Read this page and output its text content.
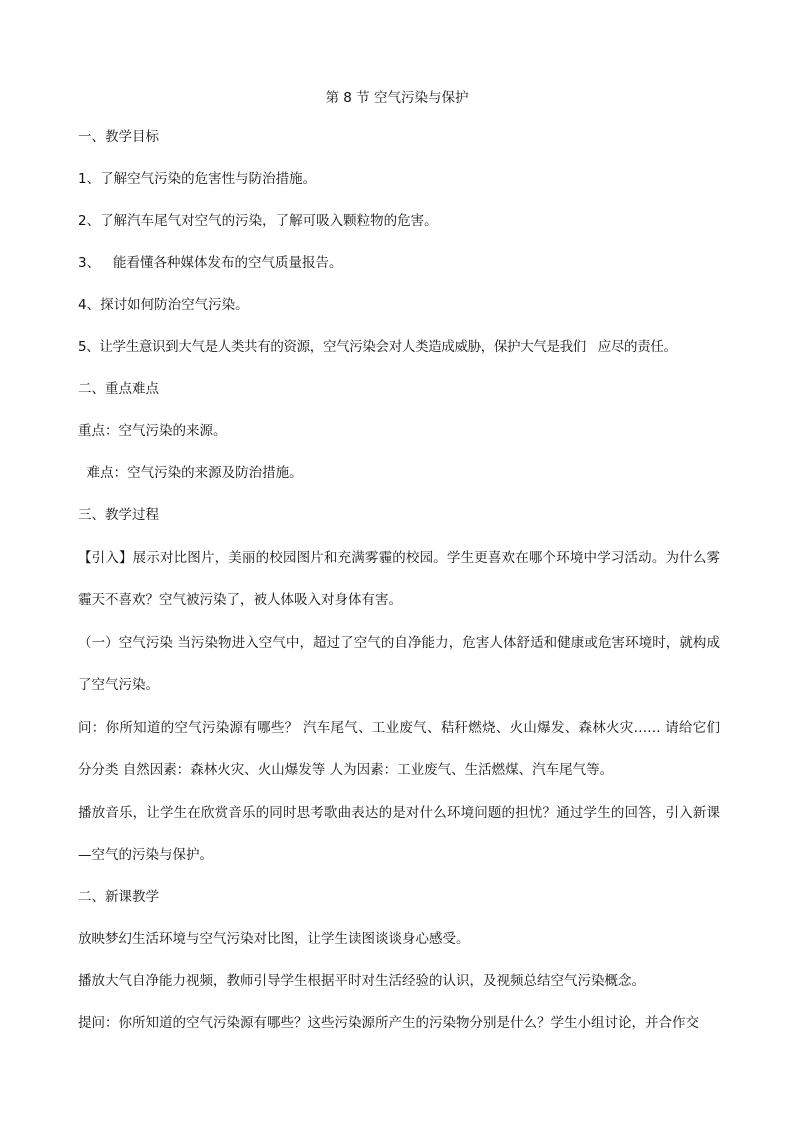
第 8 节 空气污染与保护

一、教学目标

1、了解空气污染的危害性与防治措施。

2、了解汽车尾气对空气的污染，了解可吸入颗粒物的危害。

3、   能看懂各种媒体发布的空气质量报告。

4、探讨如何防治空气污染。

5、让学生意识到大气是人类共有的资源，空气污染会对人类造成威胁，保护大气是我们   应尽的责任。

二、重点难点

重点：空气污染的来源。

难点：空气污染的来源及防治措施。

三、教学过程

【引入】展示对比图片，美丽的校园图片和充满雾霾的校园。学生更喜欢在哪个环境中学习活动。为什么雾霾天不喜欢？空气被污染了，被人体吸入对身体有害。

（一）空气污染 当污染物进入空气中，超过了空气的自净能力，危害人体舒适和健康或危害环境时，就构成了空气污染。

问：你所知道的空气污染源有哪些？ 汽车尾气、工业废气、秸秆燃烧、火山爆发、森林火灾…… 请给它们分分类 自然因素：森林火灾、火山爆发等 人为因素：工业废气、生活燃煤、汽车尾气等。

播放音乐，让学生在欣赏音乐的同时思考歌曲表达的是对什么环境问题的担忧？通过学生的回答，引入新课—空气的污染与保护。

二、新课教学

放映梦幻生活环境与空气污染对比图，让学生读图谈谈身心感受。

播放大气自净能力视频，教师引导学生根据平时对生活经验的认识，及视频总结空气污染概念。

提问：你所知道的空气污染源有哪些？这些污染源所产生的污染物分别是什么？学生小组讨论，并合作交
